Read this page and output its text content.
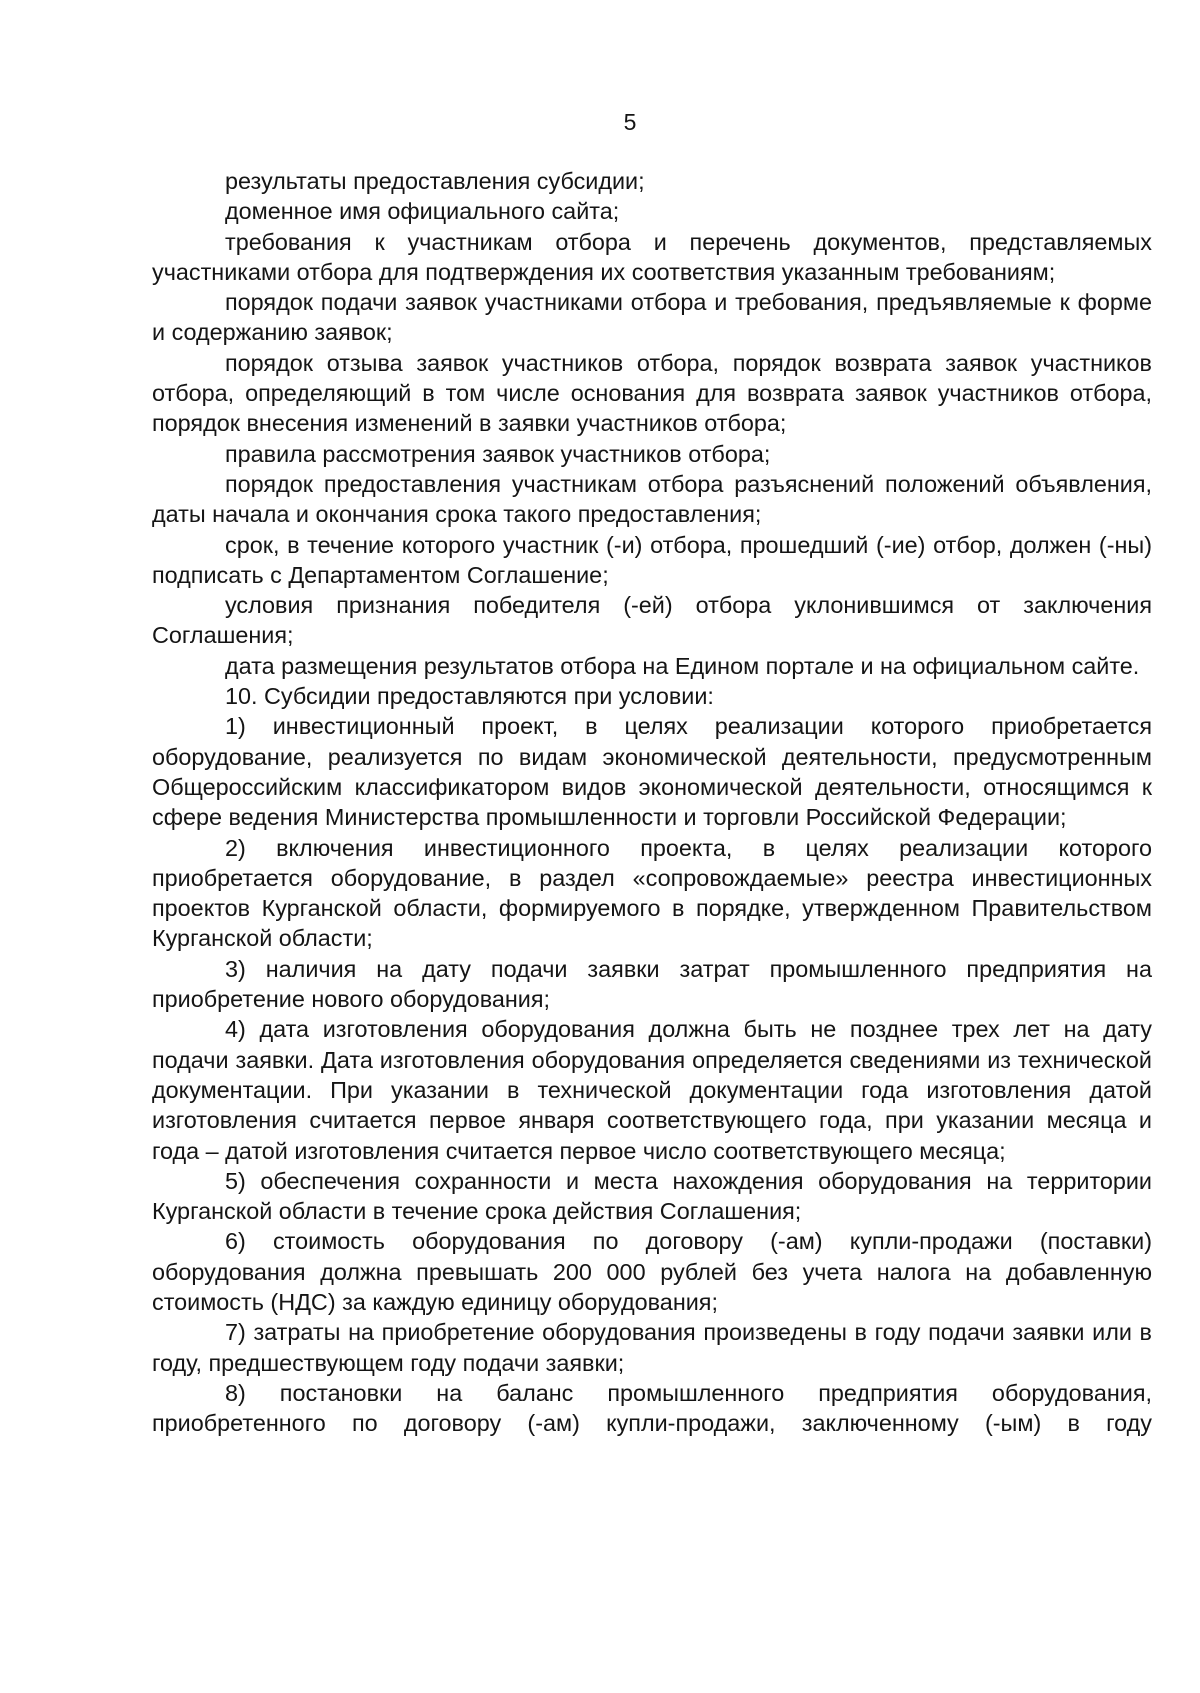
5

результаты предоставления субсидии;

доменное имя официального сайта;

требования к участникам отбора и перечень документов, представляемых участниками отбора для подтверждения их соответствия указанным требованиям;

порядок подачи заявок участниками отбора и требования, предъявляемые к форме и содержанию заявок;

порядок отзыва заявок участников отбора, порядок возврата заявок участников отбора, определяющий в том числе основания для возврата заявок участников отбора, порядок внесения изменений в заявки участников отбора;

правила рассмотрения заявок участников отбора;

порядок предоставления участникам отбора разъяснений положений объявления, даты начала и окончания срока такого предоставления;

срок, в течение которого участник (-и) отбора, прошедший (-ие) отбор, должен (-ны) подписать с Департаментом Соглашение;

условия признания победителя (-ей) отбора уклонившимся от заключения Соглашения;

дата размещения результатов отбора на Едином портале и на официальном сайте.

10. Субсидии предоставляются при условии:

1) инвестиционный проект, в целях реализации которого приобретается оборудование, реализуется по видам экономической деятельности, предусмотренным Общероссийским классификатором видов экономической деятельности, относящимся к сфере ведения Министерства промышленности и торговли Российской Федерации;

2) включения инвестиционного проекта, в целях реализации которого приобретается оборудование, в раздел «сопровождаемые» реестра инвестиционных проектов Курганской области, формируемого в порядке, утвержденном Правительством Курганской области;

3) наличия на дату подачи заявки затрат промышленного предприятия на приобретение нового оборудования;

4) дата изготовления оборудования должна быть не позднее трех лет на дату подачи заявки. Дата изготовления оборудования определяется сведениями из технической документации. При указании в технической документации года изготовления датой изготовления считается первое января соответствующего года, при указании месяца и года – датой изготовления считается первое число соответствующего месяца;

5) обеспечения сохранности и места нахождения оборудования на территории Курганской области в течение срока действия Соглашения;

6) стоимость оборудования по договору (-ам) купли-продажи (поставки) оборудования должна превышать 200 000 рублей без учета налога на добавленную стоимость (НДС) за каждую единицу оборудования;

7) затраты на приобретение оборудования произведены в году подачи заявки или в году, предшествующем году подачи заявки;

8) постановки на баланс промышленного предприятия оборудования, приобретенного по договору (-ам) купли-продажи, заключенному (-ым) в году
